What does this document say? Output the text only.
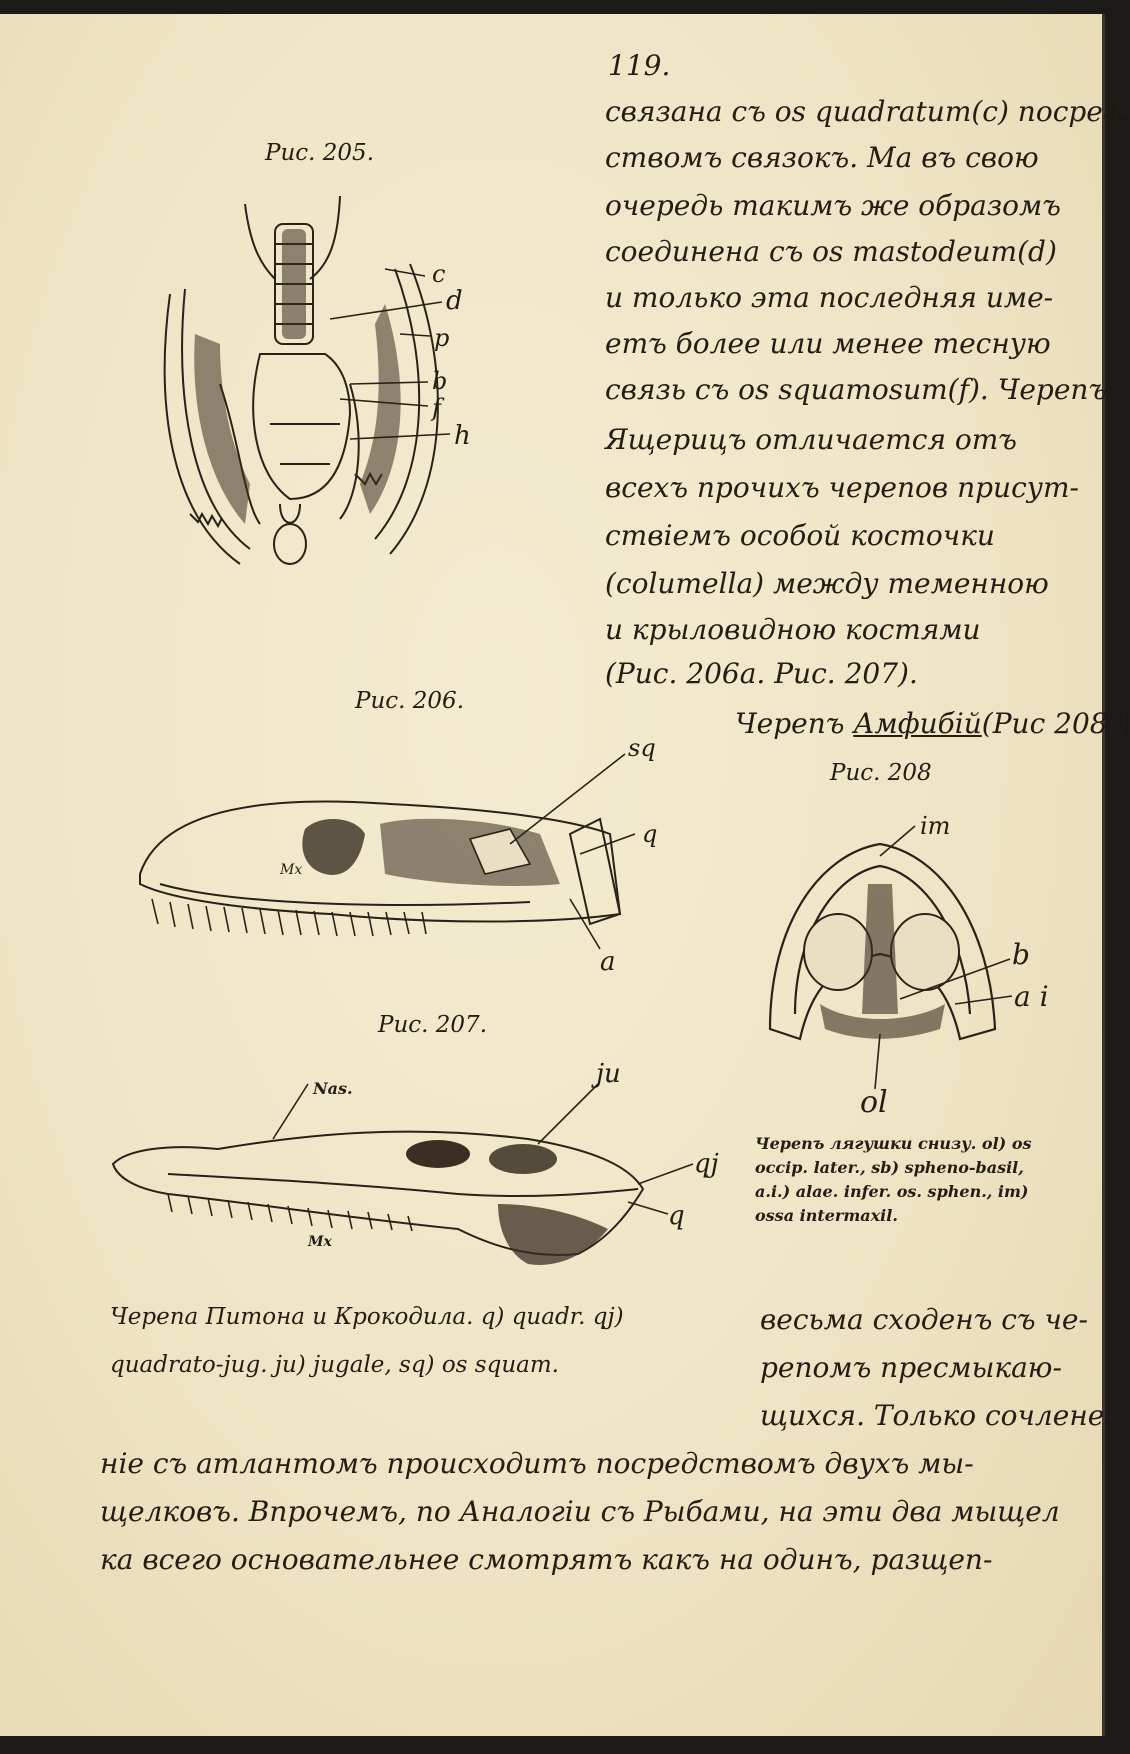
119.

Рис. 205.

c
d
p
b
f
h

связана съ os quadratum(c) посред-

ствомъ связокъ. Ma въ свою

очередь такимъ же образомъ

соединена съ os mastodeum(d)

и только эта последняя име-

етъ более или менее тесную

связь съ os squamosum(f). Черепъ

Ящерицъ отличается отъ

всехъ прочихъ черепов присут-

ствіемъ особой косточки

(columella) между теменною

и крыловидною костями

(Рис. 206a. Рис. 207).

Черепъ Амфибій(Рис 208.)

Рис. 206.

Mx
sq
q
a

Рис. 208

im
b
a i
ol

Рис. 207.

Nas.
Mx
ju
qj
q

Черепъ лягушки снизу. ol) os

occip. later., sb) spheno-basil,

a.i.) alae. infer. os. sphen., im)

ossa intermaxil.

Черепа Питона и Крокодила. q) quadr. qj)

quadrato-jug. ju) jugale, sq) os squam.

весьма сходенъ съ че-

репомъ пресмыкаю-

щихся. Только сочлене-

ніе съ атлантомъ происходитъ посредствомъ двухъ мы-

щелковъ. Впрочемъ, по Аналогіи съ Рыбами, на эти два мыщел

ка всего основательнее смотрятъ какъ на одинъ, разщеп-
